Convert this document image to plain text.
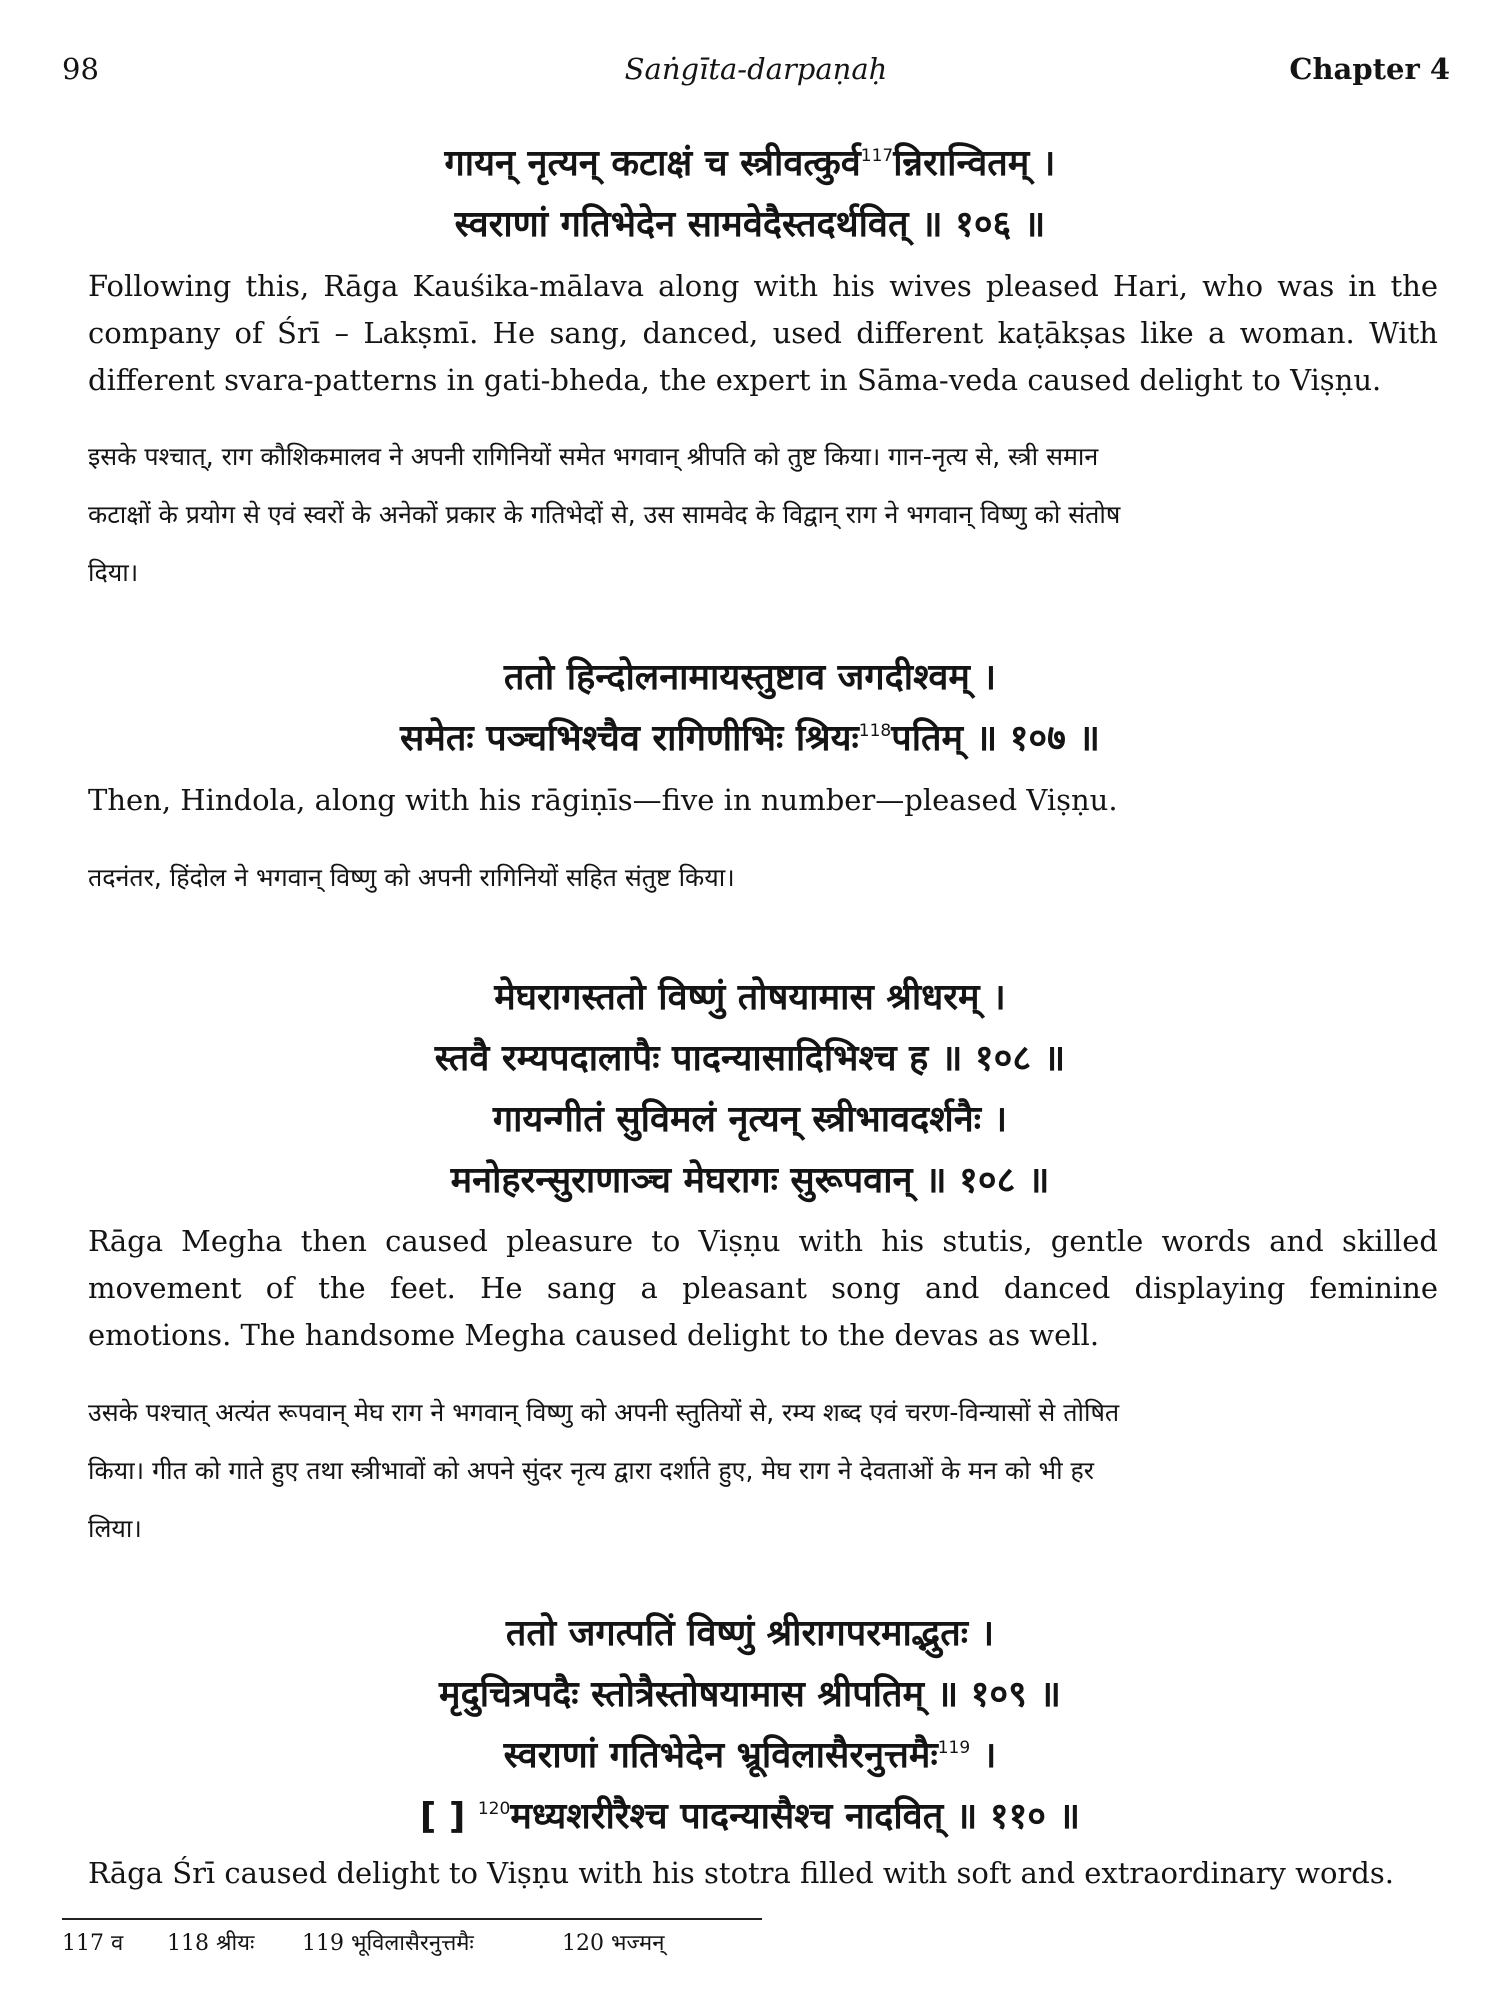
98	Saṅgīta-darpaṇaḥ	Chapter 4
गायन् नृत्यन् कटाक्षं च स्त्रीवत्कुर्व$^{117}$न्निरान्वितम् ।
स्वराणां गतिभेदेन सामवेदैस्तदर्थवित् ॥ १०६ ॥
Following this, Rāga Kauśika-mālava along with his wives pleased Hari, who was in the
company of Śrī – Lakṣmī. He sang, danced, used different kaṭākṣas like a woman. With
different svara-patterns in gati-bheda, the expert in Sāma-veda caused delight to Viṣṇu.
इसके पश्चात्, राग कौशिकमालव ने अपनी रागिनियों समेत भगवान् श्रीपति को तुष्ट किया। गान-नृत्य से, स्त्री समान
कटाक्षों के प्रयोग से एवं स्वरों के अनेकों प्रकार के गतिभेदों से, उस सामवेद के विद्वान् राग ने भगवान् विष्णु को संतोष
दिया।
ततो हिन्दोलनामायस्तुष्टाव जगदीश्वम् ।
समेतः पञ्चभिश्चैव रागिणीभिः श्रियः$^{118}$पतिम् ॥ १०७ ॥
Then, Hindola, along with his rāgiṇīs—five in number—pleased Viṣṇu.
तदनंतर, हिंदोल ने भगवान् विष्णु को अपनी रागिनियों सहित संतुष्ट किया।
मेघरागस्ततो विष्णुं तोषयामास श्रीधरम् ।
स्तवै रम्यपदालापैः पादन्यासादिभिश्च ह ॥ १०८ ॥
गायन्गीतं सुविमलं नृत्यन् स्त्रीभावदर्शनैः ।
मनोहरन्सुराणाञ्च मेघरागः सुरूपवान् ॥ १०८ ॥
Rāga Megha then caused pleasure to Viṣṇu with his stutis, gentle words and skilled
movement of the feet. He sang a pleasant song and danced displaying feminine
emotions. The handsome Megha caused delight to the devas as well.
उसके पश्चात् अत्यंत रूपवान् मेघ राग ने भगवान् विष्णु को अपनी स्तुतियों से, रम्य शब्द एवं चरण-विन्यासों से तोषित
किया। गीत को गाते हुए तथा स्त्रीभावों को अपने सुंदर नृत्य द्वारा दर्शाते हुए, मेघ राग ने देवताओं के मन को भी हर
लिया।
ततो जगत्पतिं विष्णुं श्रीरागपरमाद्भुतः ।
मृदुचित्रपदैः स्तोत्रैस्तोषयामास श्रीपतिम् ॥ १०९ ॥
स्वराणां गतिभेदेन भ्रूविलासैरनुत्तमैः$^{119}$ ।
[ ] $^{120}$मध्यशरीरैश्च पादन्यासैश्च नादवित् ॥ ११० ॥
Rāga Śrī caused delight to Viṣṇu with his stotra filled with soft and extraordinary words.
117 व 118 श्रीयः 119 भूविलासैरनुत्तमैः	120 भज्मन्
